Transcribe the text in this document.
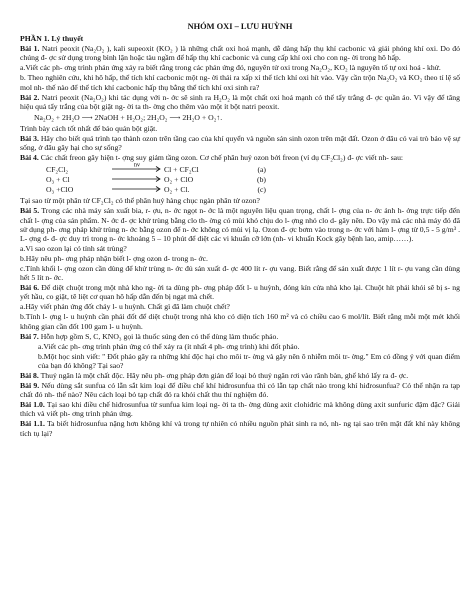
NHÓM OXI – LƯU HUỲNH
PHẦN 1. Lý thuyết

Bài 1. Natri peoxit (Na₂O₂ ), kali supeoxit (KO₂ ) là những chất oxi hoá mạnh, dễ dàng hấp thụ khí cacbonic và giải phóng khí oxi. Do đó chúng đ- ợc sử dụng trong bình lặn hoặc tàu ngầm để hấp thụ khí cacbonic và cung cấp khí oxi cho con ng- ời trong hô hấp.

a.Viết các ph- ơng trình phản ứng xảy ra biết rằng trong các phản ứng đó, nguyên tử oxi trong Na₂O₂, KO₂ là nguyên tố tự oxi hoá - khử.

b. Theo nghiên cứu, khi hô hấp, thể tích khí cacbonic một ng- ời thải ra xấp xỉ thể tích khí oxi hít vào. Vậy cần trộn Na₂O₂ và KO₂ theo tỉ lệ số mol nh- thế nào để thể tích khí cacbonic hấp thụ bằng thể tích khí oxi sinh ra?

Bài 2. Natri peoxit (Na₂O₂) khi tác dụng với n- ớc sẽ sinh ra H₂O₂ là một chất oxi hoá mạnh có thể tẩy trắng đ- ợc quần áo. Vì vậy để tăng hiệu quả tẩy trắng của bột giặt ng- ời ta th- ờng cho thêm vào một ít bột natri peoxit.

Na₂O₂ + 2H₂O ⟶ 2NaOH + H₂O₂; 2H₂O₂ ⟶ 2H₂O + O₂↑.

Trình bày cách tốt nhất để bảo quản bột giặt.

Bài 3. Hãy cho biết quá trình tạo thành ozon trên tầng cao của khí quyển và nguồn sản sinh ozon trên mặt đất. Ozon ở đâu có vai trò bảo vệ sự sống, ở đâu gây hại cho sự sống?

Bài 4. Các chất freon gây hiện t- ợng suy giảm tầng ozon. Cơ chế phân huỷ ozon bởi freon (ví dụ CF₂Cl₂) đ- ợc viết nh- sau:

CF₂Cl₂	hv	Cl + CF₂Cl	(a)
O₃ + Cl	O₂ + ClO	(b)
O₃ +ClO	O₂ + Cl.	(c)

Tại sao từ một phân tử CF₂Cl₂ có thể phân huỷ hàng chục ngàn phân tử ozon?

Bài 5. Trong các nhà máy sản xuất bia, r- ợu, n- ớc ngọt n- ớc là một nguyên liệu quan trọng, chất l- ợng của n- ớc ảnh h- ởng trực tiếp đến chất l- ợng của sản phẩm. N- ớc đ- ợc khử trùng bằng clo th- ờng có mùi khó chịu do l- ợng nhỏ clo d- gây nên. Do vậy mà các nhà máy đó đã sử dụng ph- ơng pháp khử trùng n- ớc bằng ozon để n- ớc không có mùi vị lạ. Ozon đ- ợc bơm vào trong n- ớc với hàm l- ợng từ 0,5 - 5 g/m³ . L- ợng d- đ- ợc duy trì trong n- ớc khoảng 5 – 10 phút để diệt các vi khuẩn cỡ lớn (nh- vi khuẩn Kock gây bệnh lao, amip……).

a.Vì sao ozon lại có tính sát trùng?

b.Hãy nêu ph- ơng pháp nhận biết l- ợng ozon d- trong n- ớc.

c.Tính khối l- ợng ozon cần dùng để khử trùng n- ớc đủ sản xuất đ- ợc 400 lít r- ợu vang. Biết rằng để sản xuất được 1 lít r- ợu vang cần dùng hết 5 lít n- ớc.

Bài 6. Để diệt chuột trong một nhà kho ng- ời ta dùng ph- ơng pháp đốt l- u huỳnh, đóng kín cửa nhà kho lại. Chuột hít phải khói sẽ bị s- ng yết hầu, co giật, tê liệt cơ quan hô hấp dẫn đến bị ngạt mà chết.

a.Hãy viết phản ứng đốt cháy l- u huỳnh. Chất gì đã làm chuột chết?

b.Tính l- ợng l- u huỳnh cần phải đốt để diệt chuột trong nhà kho có diện tích 160 m² và có chiều cao 6 mol/lít. Biết rằng mỗi một mét khối không gian cần đốt 100 gam l- u huỳnh.

Bài 7. Hỗn hợp gồm S, C, KNO₃ gọi là thuốc súng đen có thể dùng làm thuốc pháo.

a.Viết các ph- ơng trình phản ứng có thể xảy ra (ít nhất 4 ph- ơng trình) khi đốt pháo.

b.Một học sinh viết: " Đốt pháo gây ra những khí độc hại cho môi tr- ờng và gây nên ô nhiễm môi tr- ờng." Em có đồng ý với quan điểm của bạn đó không? Tại sao?

Bài 8. Thuỷ ngân là một chất độc. Hãy nêu ph- ơng pháp đơn giản để loại bỏ thuỷ ngân rơi vào rãnh bàn, ghế khó lấy ra đ- ợc.

Bài 9. Nếu dùng sắt sunfua có lẫn sắt kim loại để điều chế khí hiđrosunfua thì có lẫn tạp chất nào trong khí hiđrosunfua? Có thể nhận ra tạp chất đó nh- thế nào? Nêu cách loại bỏ tạp chất đó ra khỏi chất thu thí nghiệm đó.

Bài 1.0. Tại sao khi điều chế hiđrosunfua từ sunfua kim loại ng- ời ta th- ờng dùng axit clohiđric mà không dùng axit sunfuric đậm đặc? Giải thích và viết ph- ơng trình phản ứng.

Bài 1.1. Ta biết hiđrosunfua nặng hơn không khí và trong tự nhiên có nhiều nguồn phát sinh ra nó, nh- ng tại sao trên mặt đất khí này không tích tụ lại?
